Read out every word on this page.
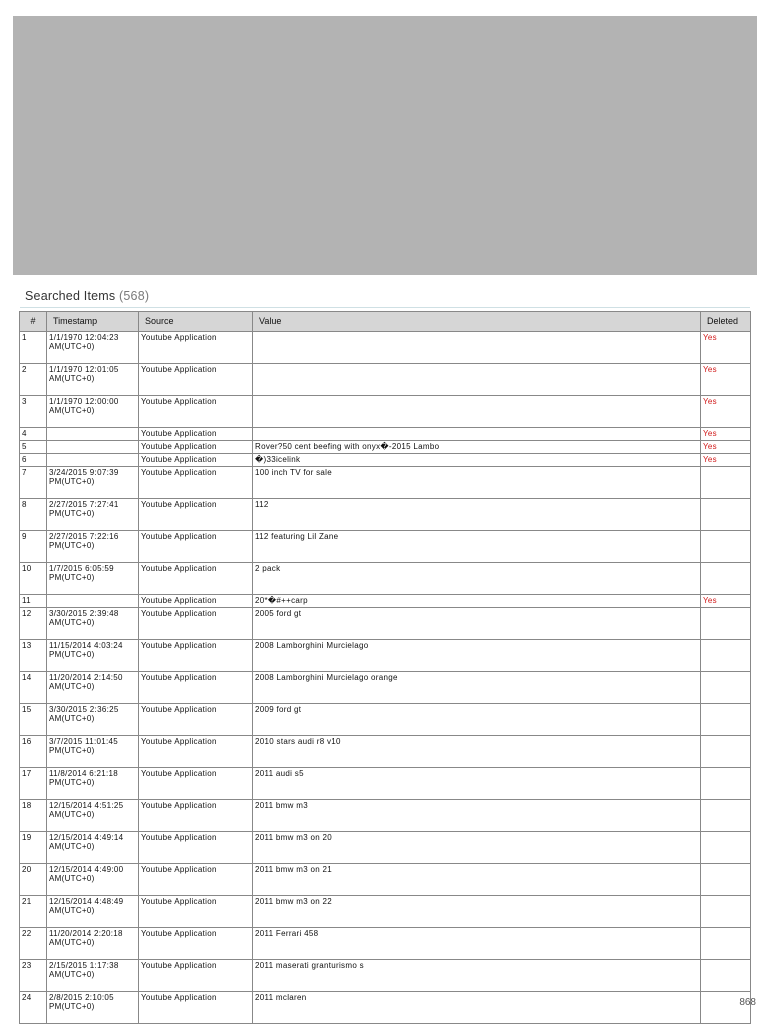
Searched Items (568)
#	Timestamp	Source	Value	Deleted
1	1/1/1970 12:04:23 AM(UTC+0)	Youtube Application		Yes
2	1/1/1970 12:01:05 AM(UTC+0)	Youtube Application		Yes
3	1/1/1970 12:00:00 AM(UTC+0)	Youtube Application		Yes
4		Youtube Application		Yes
5		Youtube Application	Rover?50 cent beefing with onyx�-2015 Lambo	Yes
6		Youtube Application	�)33icelink	Yes
7	3/24/2015 9:07:39 PM(UTC+0)	Youtube Application	100 inch TV for sale	
8	2/27/2015 7:27:41 PM(UTC+0)	Youtube Application	112	
9	2/27/2015 7:22:16 PM(UTC+0)	Youtube Application	112 featuring Lil Zane	
10	1/7/2015 6:05:59 PM(UTC+0)	Youtube Application	2 pack	
11		Youtube Application	20*�#++carp	Yes
12	3/30/2015 2:39:48 AM(UTC+0)	Youtube Application	2005 ford gt	
13	11/15/2014 4:03:24 PM(UTC+0)	Youtube Application	2008 Lamborghini Murcielago	
14	11/20/2014 2:14:50 AM(UTC+0)	Youtube Application	2008 Lamborghini Murcielago orange	
15	3/30/2015 2:36:25 AM(UTC+0)	Youtube Application	2009 ford gt	
16	3/7/2015 11:01:45 PM(UTC+0)	Youtube Application	2010 stars audi r8 v10	
17	11/8/2014 6:21:18 PM(UTC+0)	Youtube Application	2011 audi s5	
18	12/15/2014 4:51:25 AM(UTC+0)	Youtube Application	2011 bmw m3	
19	12/15/2014 4:49:14 AM(UTC+0)	Youtube Application	2011 bmw m3 on 20	
20	12/15/2014 4:49:00 AM(UTC+0)	Youtube Application	2011 bmw m3 on 21	
21	12/15/2014 4:48:49 AM(UTC+0)	Youtube Application	2011 bmw m3 on 22	
22	11/20/2014 2:20:18 AM(UTC+0)	Youtube Application	2011 Ferrari 458	
23	2/15/2015 1:17:38 AM(UTC+0)	Youtube Application	2011 maserati granturismo s	
24	2/8/2015 2:10:05 PM(UTC+0)	Youtube Application	2011 mclaren		868
